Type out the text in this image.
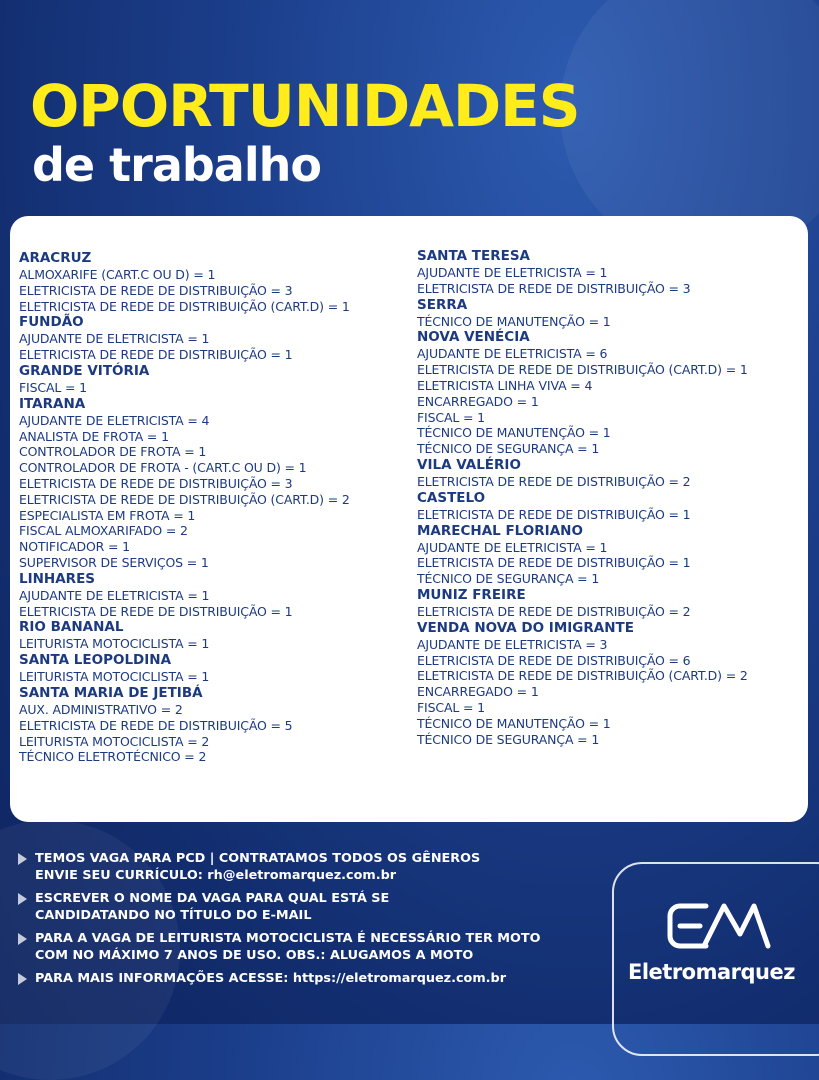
OPORTUNIDADES
de trabalho
ARACRUZ
ALMOXARIFE (CART.C OU D) = 1
ELETRICISTA DE REDE DE DISTRIBUIÇÃO = 3
ELETRICISTA DE REDE DE DISTRIBUIÇÃO (CART.D) = 1
FUNDÃO
AJUDANTE DE ELETRICISTA = 1
ELETRICISTA DE REDE DE DISTRIBUIÇÃO = 1
GRANDE VITÓRIA
FISCAL = 1
ITARANA
AJUDANTE DE ELETRICISTA = 4
ANALISTA DE FROTA = 1
CONTROLADOR DE FROTA = 1
CONTROLADOR DE FROTA - (CART.C OU D) = 1
ELETRICISTA DE REDE DE DISTRIBUIÇÃO = 3
ELETRICISTA DE REDE DE DISTRIBUIÇÃO (CART.D) = 2
ESPECIALISTA EM FROTA = 1
FISCAL ALMOXARIFADO = 2
NOTIFICADOR = 1
SUPERVISOR DE SERVIÇOS = 1
LINHARES
AJUDANTE DE ELETRICISTA = 1
ELETRICISTA DE REDE DE DISTRIBUIÇÃO = 1
RIO BANANAL
LEITURISTA MOTOCICLISTA = 1
SANTA LEOPOLDINA
LEITURISTA MOTOCICLISTA = 1
SANTA MARIA DE JETIBÁ
AUX. ADMINISTRATIVO = 2
ELETRICISTA DE REDE DE DISTRIBUIÇÃO = 5
LEITURISTA MOTOCICLISTA = 2
TÉCNICO ELETROTÉCNICO = 2
SANTA TERESA
AJUDANTE DE ELETRICISTA = 1
ELETRICISTA DE REDE DE DISTRIBUIÇÃO = 3
SERRA
TÉCNICO DE MANUTENÇÃO = 1
NOVA VENÉCIA
AJUDANTE DE ELETRICISTA = 6
ELETRICISTA DE REDE DE DISTRIBUIÇÃO (CART.D) = 1
ELETRICISTA LINHA VIVA = 4
ENCARREGADO = 1
FISCAL = 1
TÉCNICO DE MANUTENÇÃO = 1
TÉCNICO DE SEGURANÇA = 1
VILA VALÉRIO
ELETRICISTA DE REDE DE DISTRIBUIÇÃO = 2
CASTELO
ELETRICISTA DE REDE DE DISTRIBUIÇÃO = 1
MARECHAL FLORIANO
AJUDANTE DE ELETRICISTA = 1
ELETRICISTA DE REDE DE DISTRIBUIÇÃO = 1
TÉCNICO DE SEGURANÇA = 1
MUNIZ FREIRE
ELETRICISTA DE REDE DE DISTRIBUIÇÃO = 2
VENDA NOVA DO IMIGRANTE
AJUDANTE DE ELETRICISTA = 3
ELETRICISTA DE REDE DE DISTRIBUIÇÃO = 6
ELETRICISTA DE REDE DE DISTRIBUIÇÃO (CART.D) = 2
ENCARREGADO = 1
FISCAL = 1
TÉCNICO DE MANUTENÇÃO = 1
TÉCNICO DE SEGURANÇA = 1
TEMOS VAGA PARA PCD | CONTRATAMOS TODOS OS GÊNEROS
ENVIE SEU CURRÍCULO: rh@eletromarquez.com.br
ESCREVER O NOME DA VAGA PARA QUAL ESTÁ SE
CANDIDATANDO NO TÍTULO DO E-MAIL
PARA A VAGA DE LEITURISTA MOTOCICLISTA É NECESSÁRIO TER MOTO
COM NO MÁXIMO 7 ANOS DE USO. OBS.: ALUGAMOS A MOTO
PARA MAIS INFORMAÇÕES ACESSE: https://eletromarquez.com.br	Eletromarquez
